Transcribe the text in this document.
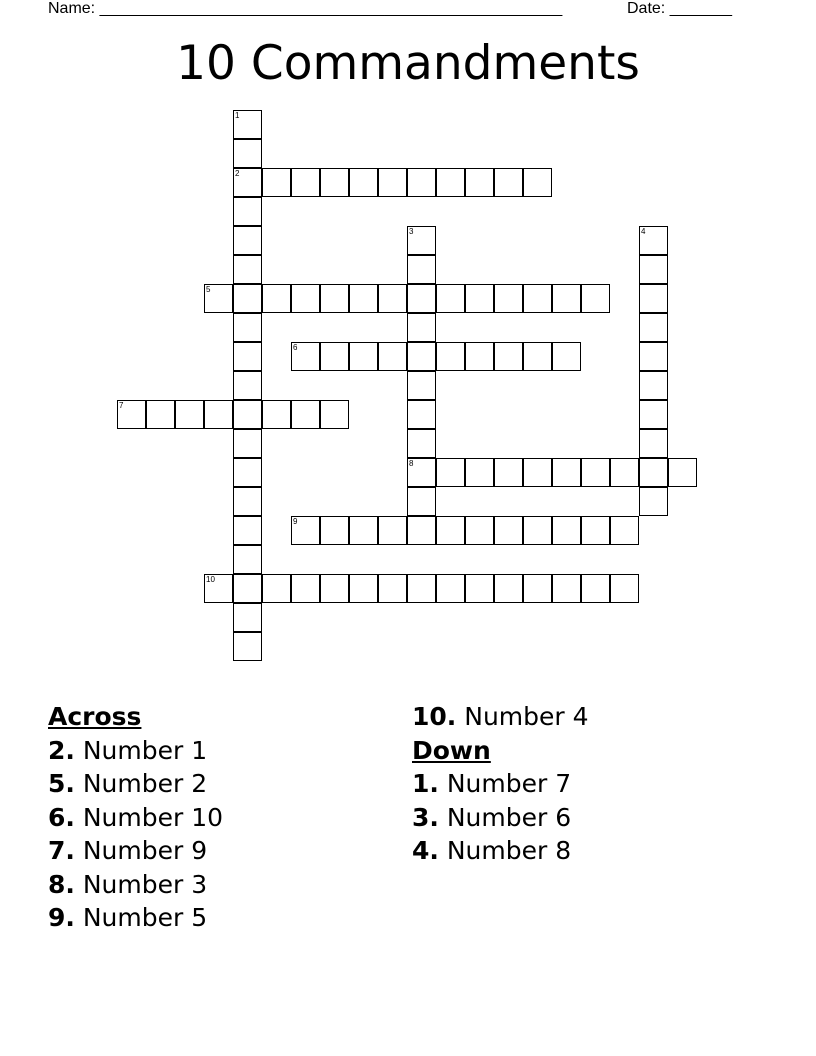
Name: ____________________________________________________	Date: _______
10 Commandments
1
2
3
8
4
5
6
7
9
10
Across
2. Number 1
5. Number 2
6. Number 10
7. Number 9
8. Number 3
9. Number 5
10. Number 4
Down
1. Number 7
3. Number 6
4. Number 8
